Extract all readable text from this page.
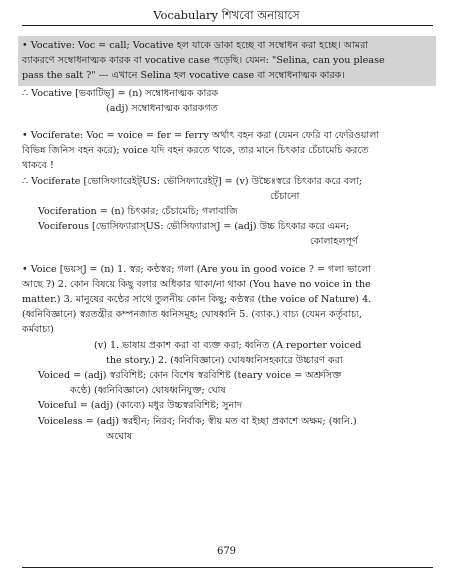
Vocabulary শিখবো অনায়াসে

• Vocative: Voc = call; Vocative হল যাকে ডাকা হচ্ছে বা সম্বোধন করা হচ্ছে। আমরা

ব্যাকরণে সম্বোধনাত্মক কারক বা vocative case পড়েছি। যেমন: "Selina, can you please

pass the salt ?" --- এখানে Selina হল vocative case বা সম্বোধনাত্মক কারক।

∴ Vocative [ভকাটিভ্] = (n) সম্বোধনাত্মক কারক

(adj) সম্বোধনাত্মক কারকগত

• Vociferate: Voc = voice = fer = ferry অর্থাৎ বহন করা (যেমন ফেরি বা ফেরিওয়ালা

বিভিন্ন জিনিস বহন করে); voice যদি বহন করতে থাকে, তার মানে চিৎকার চেঁচামেচি করতে

থাকবে !

∴ Vociferate [ভোসিফ্যারেইট্US: ভৌসিফ্যারেইট্] = (v) উচ্চৈঃস্বরে চিৎকার করে বলা;

চেঁচানো

Vociferation = (n) চিৎকার; চেঁচামেচি; গলাবাজি

Vociferous [ভোসিফ্যারাস্US: ভৌসিফ্যারাস্] = (adj) উচ্চ চিৎকার করে এমন;

কোলাহলপূর্ণ

• Voice [ভয়স্] = (n) 1. স্বর; কণ্ঠস্বর; গলা (Are you in good voice ? = গলা ভালো

আছে ?) 2. কোন বিষয়ে কিছু বলার অধিকার থাকা/না থাকা (You have no voice in the

matter.) 3. মানুষের কণ্ঠের সাথে তুলনীয় কোন কিছু; কণ্ঠস্বর (the voice of Nature) 4.

(ধ্বনিবিজ্ঞানে) স্বরতন্ত্রীর কম্পনজাত ধ্বনিসমূহ; ঘোষধ্বনি 5. (ব্যাক.) বাচ্য (যেমন কর্তৃবাচ্য,

কর্মবাচ্য)

(v) 1. ভাষায় প্রকাশ করা বা ব্যক্ত করা; ধ্বনিত (A reporter voiced

the story.) 2. (ধ্বনিবিজ্ঞানে) ঘোষধ্বনিসহকারে উচ্চারণ করা

Voiced = (adj) স্বরবিশিষ্ট; কোন বিশেষ স্বরবিশিষ্ট (teary voice = অশ্রুসিক্ত

কণ্ঠে) (ধ্বনিবিজ্ঞানে) ঘোষধ্বনিযুক্ত; ঘোষ

Voiceful = (adj) (কাব্যে) মধুর উচ্চস্বরবিশিষ্ট; সুনাদ

Voiceless = (adj) স্বরহীন; নিরব; নির্বাক; স্বীয় মত বা ইচ্ছা প্রকাশে অক্ষম; (ধ্বনি.)

অঘোষ

679
